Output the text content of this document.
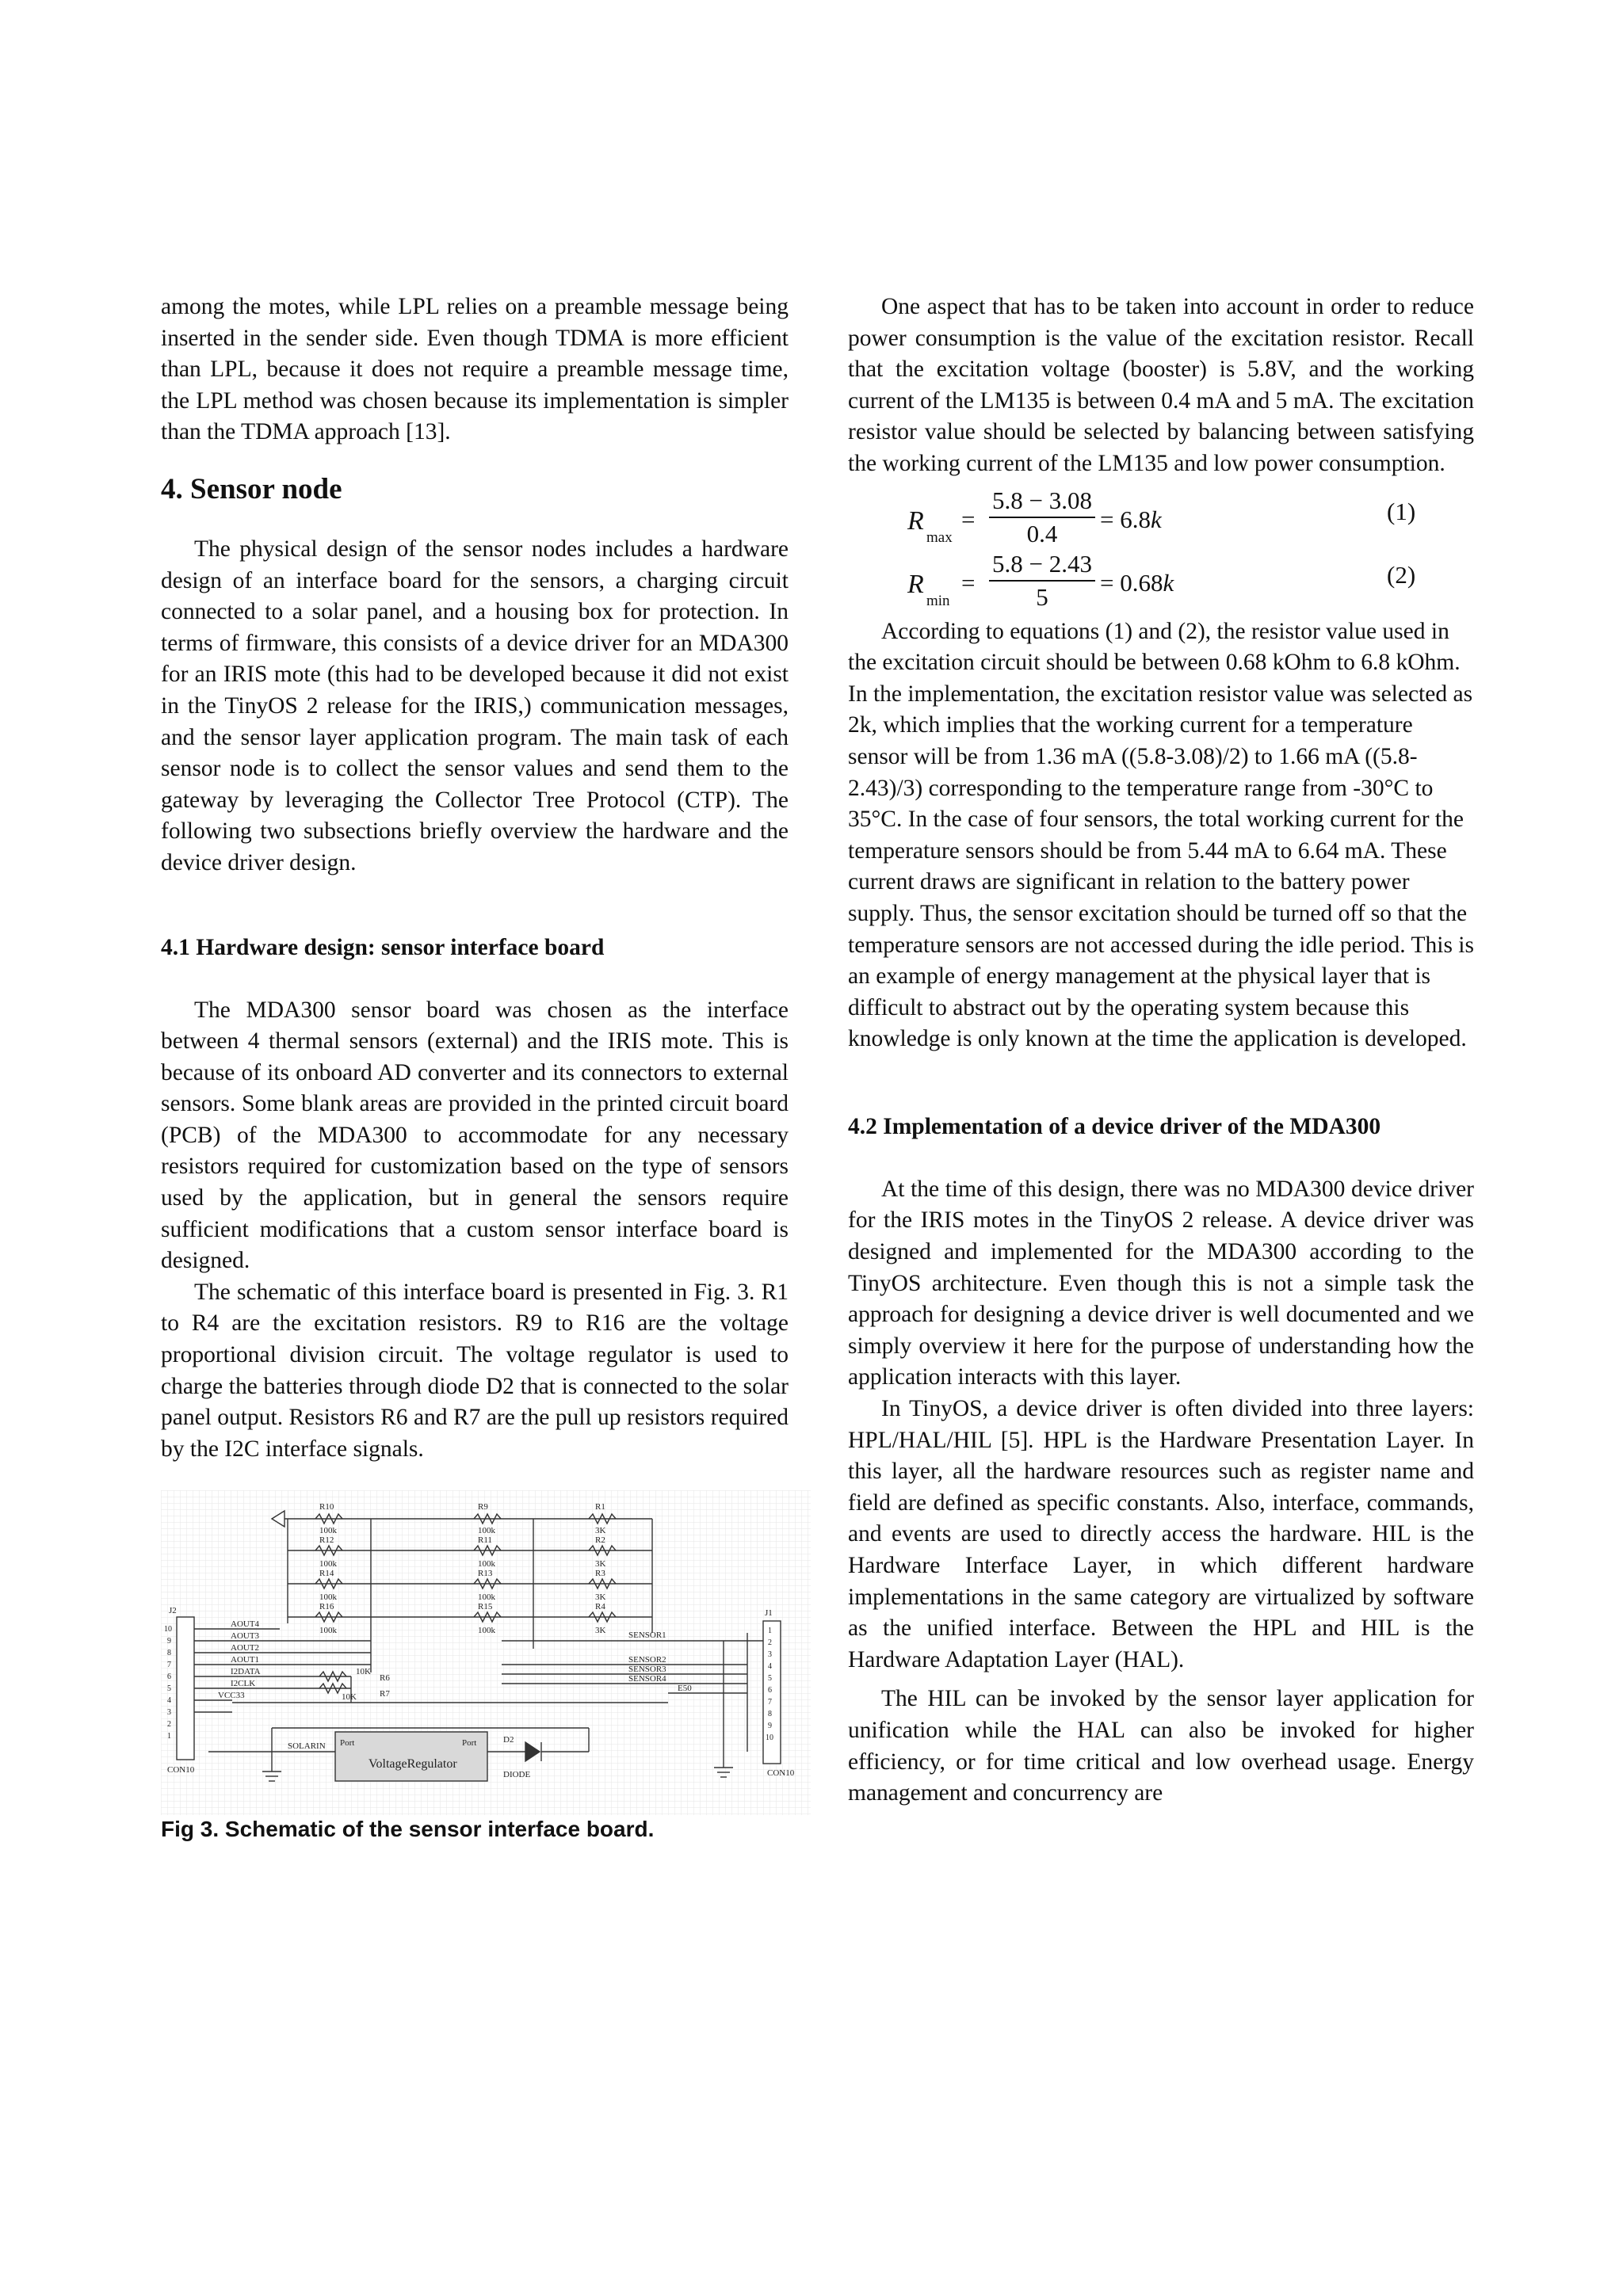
among the motes, while LPL relies on a preamble message being inserted in the sender side. Even though TDMA is more efficient than LPL, because it does not require a preamble message time, the LPL method was chosen because its implementation is simpler than the TDMA approach [13].

4. Sensor node

The physical design of the sensor nodes includes a hardware design of an interface board for the sensors, a charging circuit connected to a solar panel, and a housing box for protection. In terms of firmware, this consists of a device driver for an MDA300 for an IRIS mote (this had to be developed because it did not exist in the TinyOS 2 release for the IRIS,) communication messages, and the sensor layer application program. The main task of each sensor node is to collect the sensor values and send them to the gateway by leveraging the Collector Tree Protocol (CTP). The following two subsections briefly overview the hardware and the device driver design.

4.1 Hardware design: sensor interface board

The MDA300 sensor board was chosen as the interface between 4 thermal sensors (external) and the IRIS mote. This is because of its onboard AD converter and its connectors to external sensors. Some blank areas are provided in the printed circuit board (PCB) of the MDA300 to accommodate for any necessary resistors required for customization based on the type of sensors used by the application, but in general the sensors require sufficient modifications that a custom sensor interface board is designed.

The schematic of this interface board is presented in Fig. 3. R1 to R4 are the excitation resistors. R9 to R16 are the voltage proportional division circuit. The voltage regulator is used to charge the batteries through diode D2 that is connected to the solar panel output. Resistors R6 and R7 are the pull up resistors required by the I2C interface signals.

R10
100k
R9
100k
R1
3K
R12
100k
R11
100k
R2
3K
R14
100k
R13
100k
R3
3K
R16
100k
R15
100k
R4
3K
J2	J1
AOUT4
AOUT3
AOUT2
AOUT1
I2DATA
I2CLK
VCC33
10K
R6
10K	R7
SENSOR1
SENSOR2
SENSOR3
SENSOR4
E50
CON10	CON10
SOLARIN Port	Port	D2
DIODE
VoltageRegulator
10
9
8
7
6
5
4
3
2
1
1
2
3
4
5
6
7
8
9
10

Fig 3. Schematic of the sensor interface board.

One aspect that has to be taken into account in order to reduce power consumption is the value of the excitation resistor. Recall that the excitation voltage (booster) is 5.8V, and the working current of the LM135 is between 0.4 mA and 5 mA. The excitation resistor value should be selected by balancing between satisfying the working current of the LM135 and low power consumption.

R
max
=
5.8 − 3.08
0.4
= 6.8k	(1)
R
min
=
5.8 − 2.43
5
= 0.68k	(2)

According to equations (1) and (2), the resistor value used in the excitation circuit should be between 0.68 kOhm to 6.8 kOhm. In the implementation, the excitation resistor value was selected as 2k, which implies that the working current for a temperature sensor will be from 1.36 mA ((5.8-3.08)/2) to 1.66 mA ((5.8-2.43)/3) corresponding to the temperature range from -30°C to 35°C. In the case of four sensors, the total working current for the temperature sensors should be from 5.44 mA to 6.64 mA. These current draws are significant in relation to the battery power supply. Thus, the sensor excitation should be turned off so that the temperature sensors are not accessed during the idle period. This is an example of energy management at the physical layer that is difficult to abstract out by the operating system because this knowledge is only known at the time the application is developed.

4.2 Implementation of a device driver of the MDA300

At the time of this design, there was no MDA300 device driver for the IRIS motes in the TinyOS 2 release. A device driver was designed and implemented for the MDA300 according to the TinyOS architecture. Even though this is not a simple task the approach for designing a device driver is well documented and we simply overview it here for the purpose of understanding how the application interacts with this layer.

In TinyOS, a device driver is often divided into three layers: HPL/HAL/HIL [5]. HPL is the Hardware Presentation Layer. In this layer, all the hardware resources such as register name and field are defined as specific constants. Also, interface, commands, and events are used to directly access the hardware. HIL is the Hardware Interface Layer, in which different hardware implementations in the same category are virtualized by software as the unified interface. Between the HPL and HIL is the Hardware Adaptation Layer (HAL).

The HIL can be invoked by the sensor layer application for unification while the HAL can also be invoked for higher efficiency, or for time critical and low overhead usage. Energy management and concurrency are
